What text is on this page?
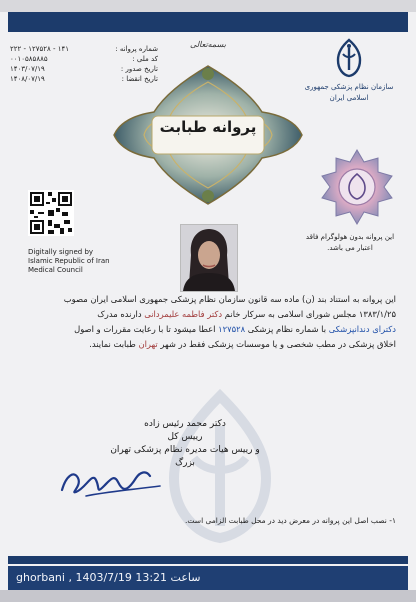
بسمه‌تعالی
۲۲۲ - ۱۲۷۵۲۸ - ۱۴۱	شماره پروانه :
۰۰۱۰۵۸۵۸۸۵	کد ملی :
۱۴۰۳/۰۷/۱۹	تاریخ صدور :
۱۴۰۸/۰۷/۱۹	تاریخ انقضا :
سازمان نظام پزشکی جمهوری اسلامی ایران
پروانه طبابت
این پروانه بدون هولوگرام فاقد
اعتبار می باشد.
Digitally signed by
Islamic Republic of Iran
Medical Council
این پروانه به استناد بند (ن) ماده سه قانون سازمان نظام پزشکی جمهوری اسلامی ایران مصوب
۱۳۸۳/۱/۲۵ مجلس شورای اسلامی به سرکار خانم دکتر فاطمه علیمردانی دارنده مدرک
دکترای دندانپزشکی با شماره نظام پزشکی ۱۲۷۵۲۸ اعطا میشود تا با رعایت مقررات و اصول
اخلاق پزشکی در مطب شخصی و یا موسسات پزشکی فقط در شهر تهران طبابت نمایند.
دکتر محمد رئیس زاده
رییس کل
و رییس هیات مدیره نظام پزشکی تهران
بزرگ
۱- نصب اصل این پروانه در معرض دید در محل طبابت الزامی است.
ghorbani , 1403/7/19 13:21 ساعت
